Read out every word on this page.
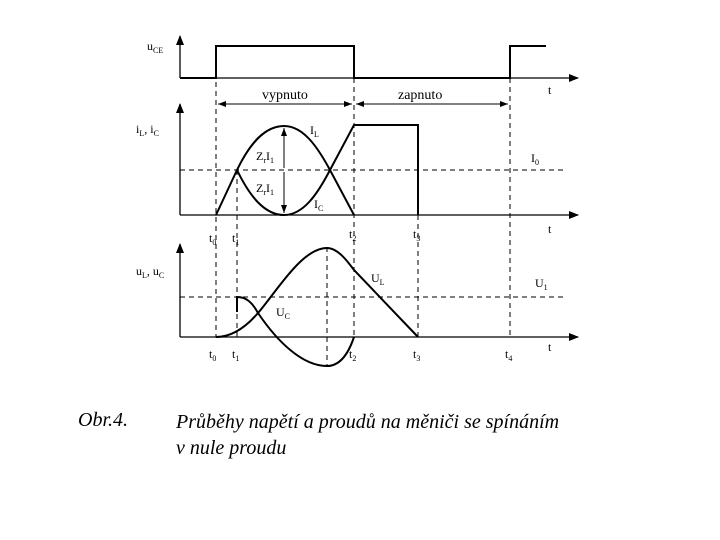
$u_{CE}$
t
vypnuto	zapnuto
$i_L$, $i_C$	$I_L$
$I_C$
$I_0$
$Z_rI_1$
$Z_rI_1$
t
$t_0$ $t_1$
$t_2$	$t_3$
$u_L$, $u_C$	$U_L$
$U_C$
$U_1$
t
$t_0$ $t_1$	$t_2$	$t_3$	$t_4$
Obr.4. Průběhy napětí a proudů na měniči se spínáním
v nule proudu
